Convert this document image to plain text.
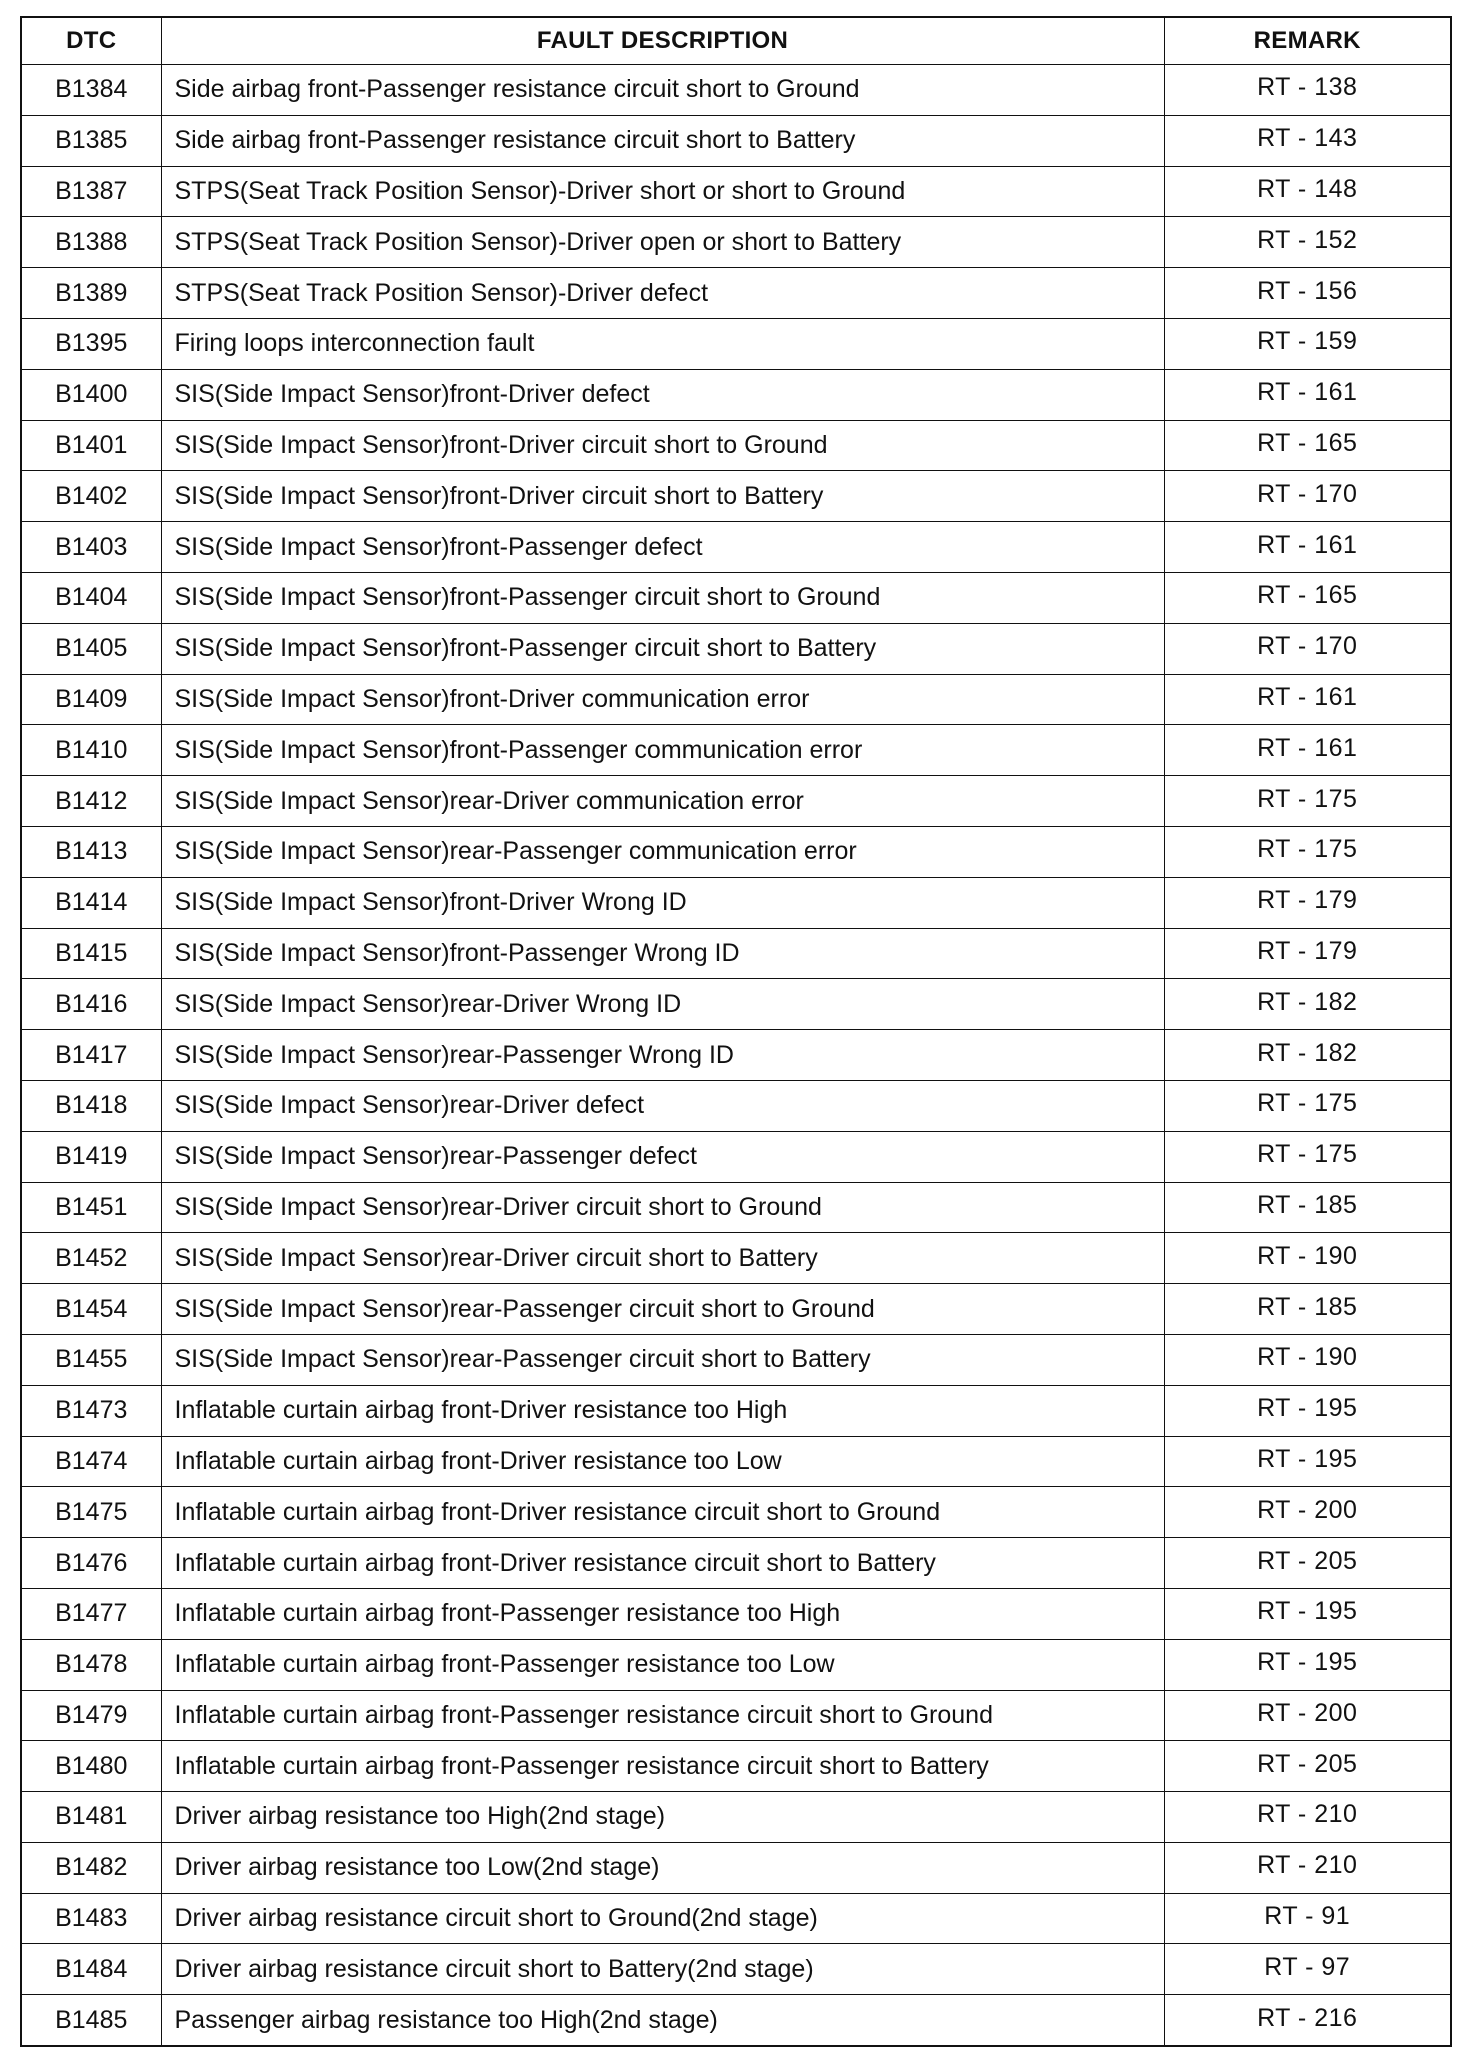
DTC	FAULT DESCRIPTION	REMARK
B1384	Side airbag front-Passenger resistance circuit short to Ground	RT - 138
B1385	Side airbag front-Passenger resistance circuit short to Battery	RT - 143
B1387	STPS(Seat Track Position Sensor)-Driver short or short to Ground	RT - 148
B1388	STPS(Seat Track Position Sensor)-Driver open or short to Battery	RT - 152
B1389	STPS(Seat Track Position Sensor)-Driver defect	RT - 156
B1395	Firing loops interconnection fault	RT - 159
B1400	SIS(Side Impact Sensor)front-Driver defect	RT - 161
B1401	SIS(Side Impact Sensor)front-Driver circuit short to Ground	RT - 165
B1402	SIS(Side Impact Sensor)front-Driver circuit short to Battery	RT - 170
B1403	SIS(Side Impact Sensor)front-Passenger defect	RT - 161
B1404	SIS(Side Impact Sensor)front-Passenger circuit short to Ground	RT - 165
B1405	SIS(Side Impact Sensor)front-Passenger circuit short to Battery	RT - 170
B1409	SIS(Side Impact Sensor)front-Driver communication error	RT - 161
B1410	SIS(Side Impact Sensor)front-Passenger communication error	RT - 161
B1412	SIS(Side Impact Sensor)rear-Driver communication error	RT - 175
B1413	SIS(Side Impact Sensor)rear-Passenger communication error	RT - 175
B1414	SIS(Side Impact Sensor)front-Driver Wrong ID	RT - 179
B1415	SIS(Side Impact Sensor)front-Passenger Wrong ID	RT - 179
B1416	SIS(Side Impact Sensor)rear-Driver Wrong ID	RT - 182
B1417	SIS(Side Impact Sensor)rear-Passenger Wrong ID	RT - 182
B1418	SIS(Side Impact Sensor)rear-Driver defect	RT - 175
B1419	SIS(Side Impact Sensor)rear-Passenger defect	RT - 175
B1451	SIS(Side Impact Sensor)rear-Driver circuit short to Ground	RT - 185
B1452	SIS(Side Impact Sensor)rear-Driver circuit short to Battery	RT - 190
B1454	SIS(Side Impact Sensor)rear-Passenger circuit short to Ground	RT - 185
B1455	SIS(Side Impact Sensor)rear-Passenger circuit short to Battery	RT - 190
B1473	Inflatable curtain airbag front-Driver resistance too High	RT - 195
B1474	Inflatable curtain airbag front-Driver resistance too Low	RT - 195
B1475	Inflatable curtain airbag front-Driver resistance circuit short to Ground	RT - 200
B1476	Inflatable curtain airbag front-Driver resistance circuit short to Battery	RT - 205
B1477	Inflatable curtain airbag front-Passenger resistance too High	RT - 195
B1478	Inflatable curtain airbag front-Passenger resistance too Low	RT - 195
B1479	Inflatable curtain airbag front-Passenger resistance circuit short to Ground	RT - 200
B1480	Inflatable curtain airbag front-Passenger resistance circuit short to Battery	RT - 205
B1481	Driver airbag resistance too High(2nd stage)	RT - 210
B1482	Driver airbag resistance too Low(2nd stage)	RT - 210
B1483	Driver airbag resistance circuit short to Ground(2nd stage)	RT - 91
B1484	Driver airbag resistance circuit short to Battery(2nd stage)	RT - 97
B1485	Passenger airbag resistance too High(2nd stage)	RT - 216
